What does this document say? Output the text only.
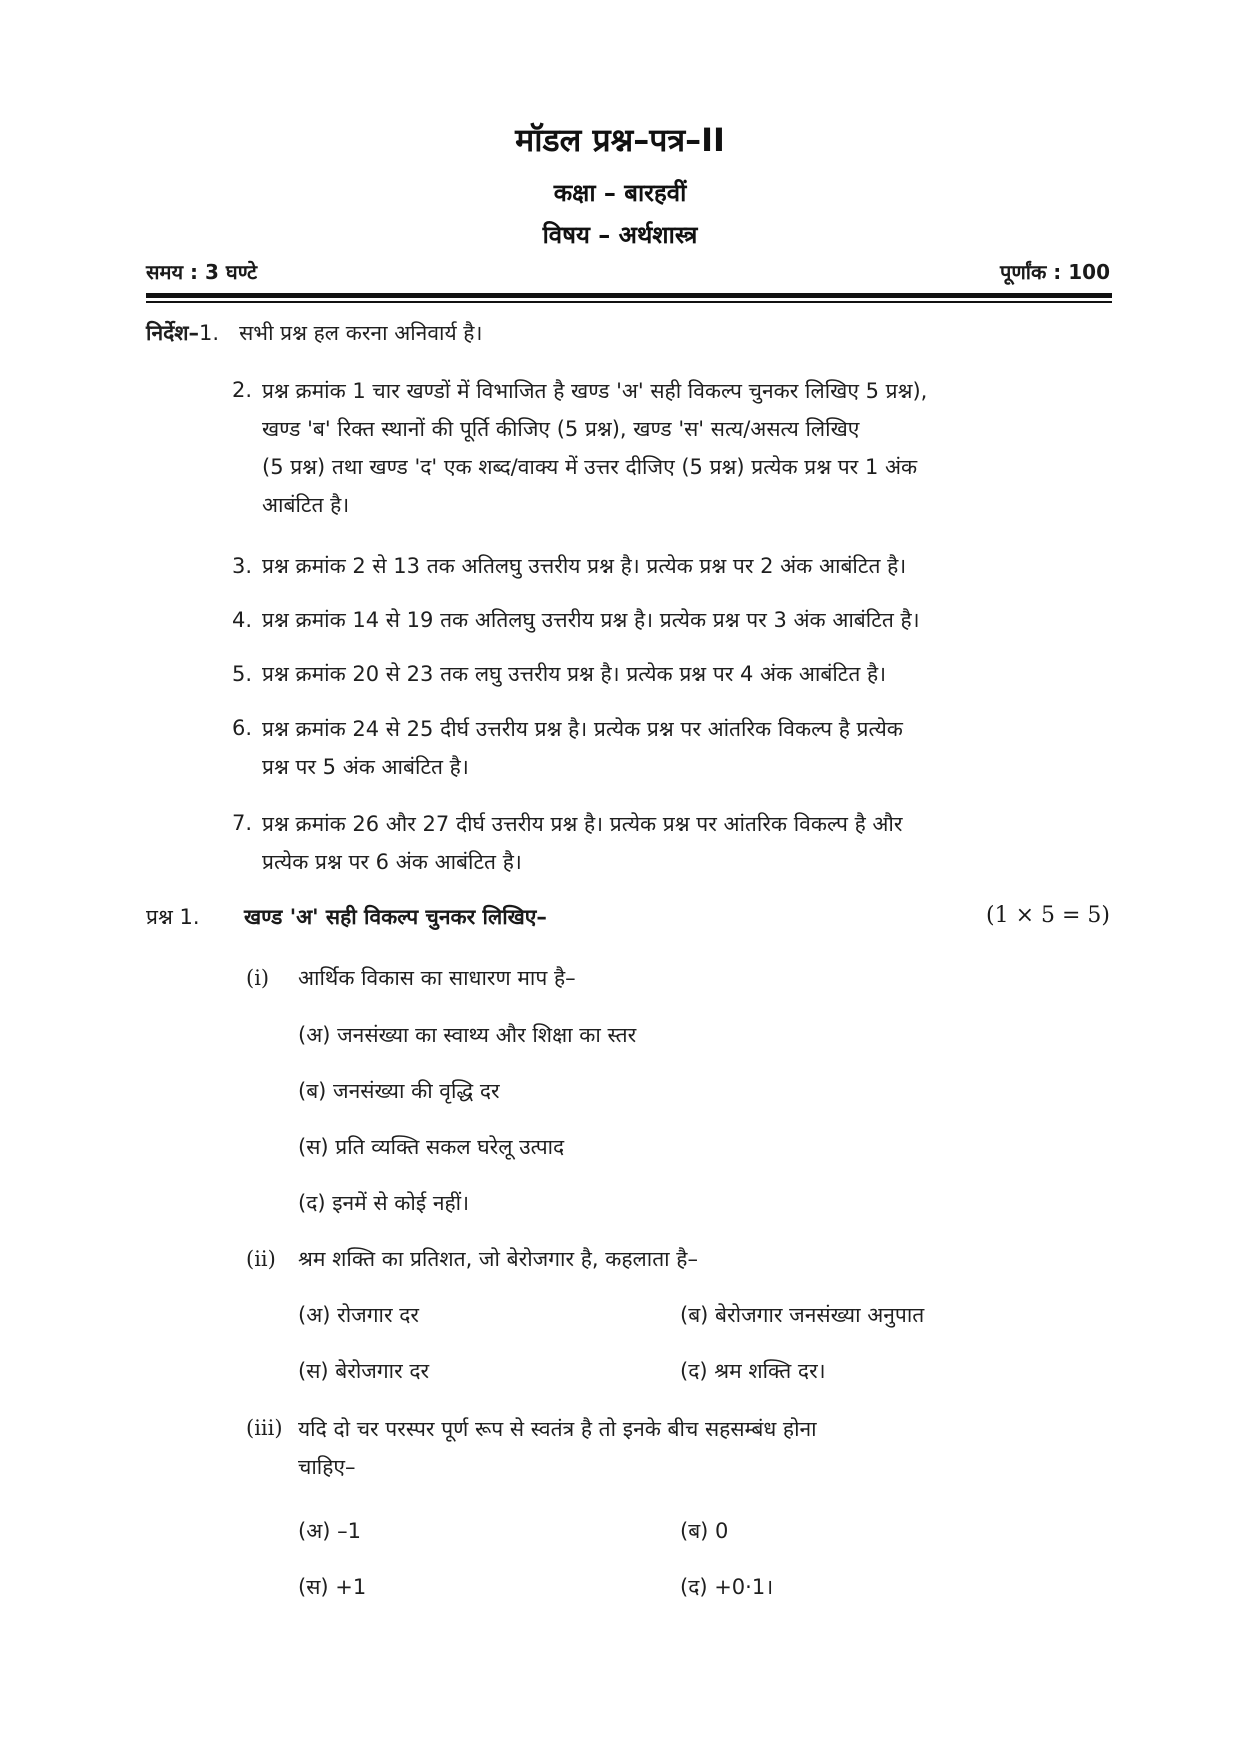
मॉडल प्रश्न–पत्र–II
कक्षा – बारहवीं
विषय – अर्थशास्त्र
समय : 3 घण्टे	पूर्णांक : 100
निर्देश–1. सभी प्रश्न हल करना अनिवार्य है।
2. प्रश्न क्रमांक 1 चार खण्डों में विभाजित है खण्ड 'अ' सही विकल्प चुनकर लिखिए 5 प्रश्न),
खण्ड 'ब' रिक्त स्थानों की पूर्ति कीजिए (5 प्रश्न), खण्ड 'स' सत्य/असत्य लिखिए
(5 प्रश्न) तथा खण्ड 'द' एक शब्द/वाक्य में उत्तर दीजिए (5 प्रश्न) प्रत्येक प्रश्न पर 1 अंक
आबंटित है।
3. प्रश्न क्रमांक 2 से 13 तक अतिलघु उत्तरीय प्रश्न है। प्रत्येक प्रश्न पर 2 अंक आबंटित है।
4. प्रश्न क्रमांक 14 से 19 तक अतिलघु उत्तरीय प्रश्न है। प्रत्येक प्रश्न पर 3 अंक आबंटित है।
5. प्रश्न क्रमांक 20 से 23 तक लघु उत्तरीय प्रश्न है। प्रत्येक प्रश्न पर 4 अंक आबंटित है।
6. प्रश्न क्रमांक 24 से 25 दीर्घ उत्तरीय प्रश्न है। प्रत्येक प्रश्न पर आंतरिक विकल्प है प्रत्येक
प्रश्न पर 5 अंक आबंटित है।
7. प्रश्न क्रमांक 26 और 27 दीर्घ उत्तरीय प्रश्न है। प्रत्येक प्रश्न पर आंतरिक विकल्प है और
प्रत्येक प्रश्न पर 6 अंक आबंटित है।
प्रश्न 1. खण्ड 'अ' सही विकल्प चुनकर लिखिए–	(1 × 5 = 5)
(i) आर्थिक विकास का साधारण माप है–
(अ) जनसंख्या का स्वाथ्य और शिक्षा का स्तर
(ब) जनसंख्या की वृद्धि दर
(स) प्रति व्यक्ति सकल घरेलू उत्पाद
(द) इनमें से कोई नहीं।
(ii) श्रम शक्ति का प्रतिशत, जो बेरोजगार है, कहलाता है–
(अ) रोजगार दर	(ब) बेरोजगार जनसंख्या अनुपात
(स) बेरोजगार दर	(द) श्रम शक्ति दर।
(iii) यदि दो चर परस्पर पूर्ण रूप से स्वतंत्र है तो इनके बीच सहसम्बंध होना
चाहिए–
(अ) –1	(ब) 0
(स) +1	(द) +0·1।
